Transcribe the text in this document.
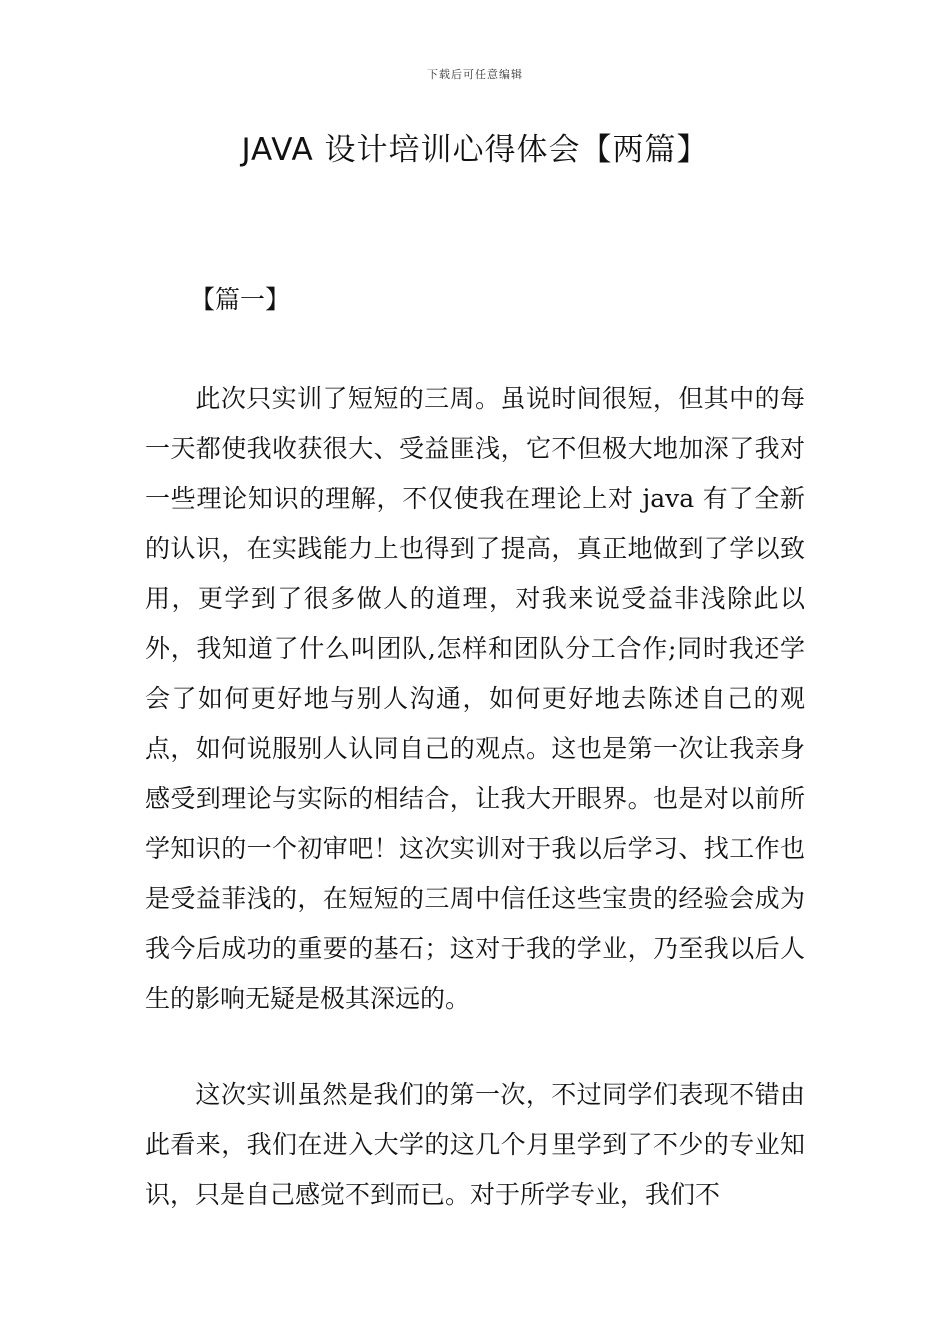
下载后可任意编辑
JAVA 设计培训心得体会【两篇】
【篇一】
此次只实训了短短的三周。虽说时间很短，但其中的每一天都使我收获很大、受益匪浅，它不但极大地加深了我对一些理论知识的理解，不仅使我在理论上对 java 有了全新的认识，在实践能力上也得到了提高，真正地做到了学以致用，更学到了很多做人的道理，对我来说受益非浅除此以外，我知道了什么叫团队,怎样和团队分工合作;同时我还学会了如何更好地与别人沟通，如何更好地去陈述自己的观点，如何说服别人认同自己的观点。这也是第一次让我亲身感受到理论与实际的相结合，让我大开眼界。也是对以前所学知识的一个初审吧！这次实训对于我以后学习、找工作也是受益菲浅的，在短短的三周中信任这些宝贵的经验会成为我今后成功的重要的基石；这对于我的学业，乃至我以后人生的影响无疑是极其深远的。
这次实训虽然是我们的第一次，不过同学们表现不错由此看来，我们在进入大学的这几个月里学到了不少的专业知识，只是自己感觉不到而已。对于所学专业，我们不
